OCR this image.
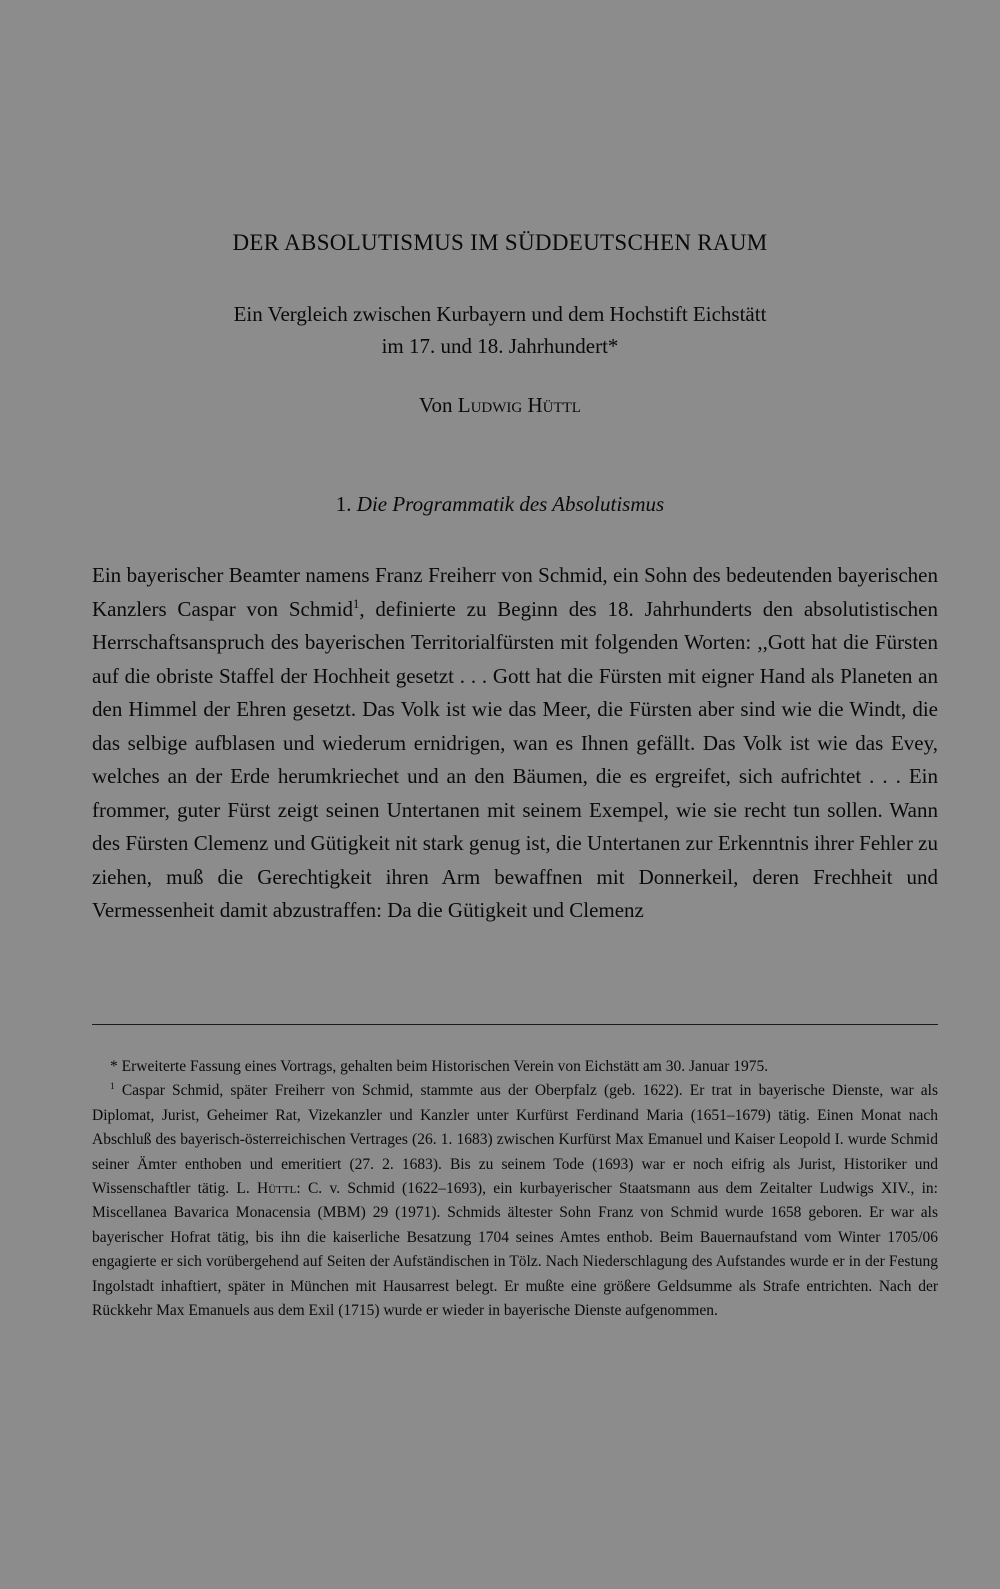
DER ABSOLUTISMUS IM SÜDDEUTSCHEN RAUM
Ein Vergleich zwischen Kurbayern und dem Hochstift Eichstätt
im 17. und 18. Jahrhundert*
Von Ludwig Hüttl
1. Die Programmatik des Absolutismus

Ein bayerischer Beamter namens Franz Freiherr von Schmid, ein Sohn des bedeutenden bayerischen Kanzlers Caspar von Schmid$^1$, definierte zu Beginn des 18. Jahrhunderts den absolutistischen Herrschaftsanspruch des bayerischen Territorialfürsten mit folgenden Worten: ,,Gott hat die Fürsten auf die obriste Staffel der Hochheit gesetzt . . . Gott hat die Fürsten mit eigner Hand als Planeten an den Himmel der Ehren gesetzt. Das Volk ist wie das Meer, die Fürsten aber sind wie die Windt, die das selbige aufblasen und wiederum ernidrigen, wan es Ihnen gefällt. Das Volk ist wie das Evey, welches an der Erde herumkriechet und an den Bäumen, die es ergreifet, sich aufrichtet . . . Ein frommer, guter Fürst zeigt seinen Untertanen mit seinem Exempel, wie sie recht tun sollen. Wann des Fürsten Clemenz und Gütigkeit nit stark genug ist, die Untertanen zur Erkenntnis ihrer Fehler zu ziehen, muß die Gerechtigkeit ihren Arm bewaffnen mit Donnerkeil, deren Frechheit und Vermessenheit damit abzustraffen: Da die Gütigkeit und Clemenz

* Erweiterte Fassung eines Vortrags, gehalten beim Historischen Verein von Eichstätt am 30. Januar 1975.

$^1$ Caspar Schmid, später Freiherr von Schmid, stammte aus der Oberpfalz (geb. 1622). Er trat in bayerische Dienste, war als Diplomat, Jurist, Geheimer Rat, Vizekanzler und Kanzler unter Kurfürst Ferdinand Maria (1651–1679) tätig. Einen Monat nach Abschluß des bayerisch-österreichischen Vertrages (26. 1. 1683) zwischen Kurfürst Max Emanuel und Kaiser Leopold I. wurde Schmid seiner Ämter enthoben und emeritiert (27. 2. 1683). Bis zu seinem Tode (1693) war er noch eifrig als Jurist, Historiker und Wissenschaftler tätig. L. Hüttl: C. v. Schmid (1622–1693), ein kurbayerischer Staatsmann aus dem Zeitalter Ludwigs XIV., in: Miscellanea Bavarica Monacensia (MBM) 29 (1971). Schmids ältester Sohn Franz von Schmid wurde 1658 geboren. Er war als bayerischer Hofrat tätig, bis ihn die kaiserliche Besatzung 1704 seines Amtes enthob. Beim Bauernaufstand vom Winter 1705/06 engagierte er sich vorübergehend auf Seiten der Aufständischen in Tölz. Nach Niederschlagung des Aufstandes wurde er in der Festung Ingolstadt inhaftiert, später in München mit Hausarrest belegt. Er mußte eine größere Geldsumme als Strafe entrichten. Nach der Rückkehr Max Emanuels aus dem Exil (1715) wurde er wieder in bayerische Dienste aufgenommen.
